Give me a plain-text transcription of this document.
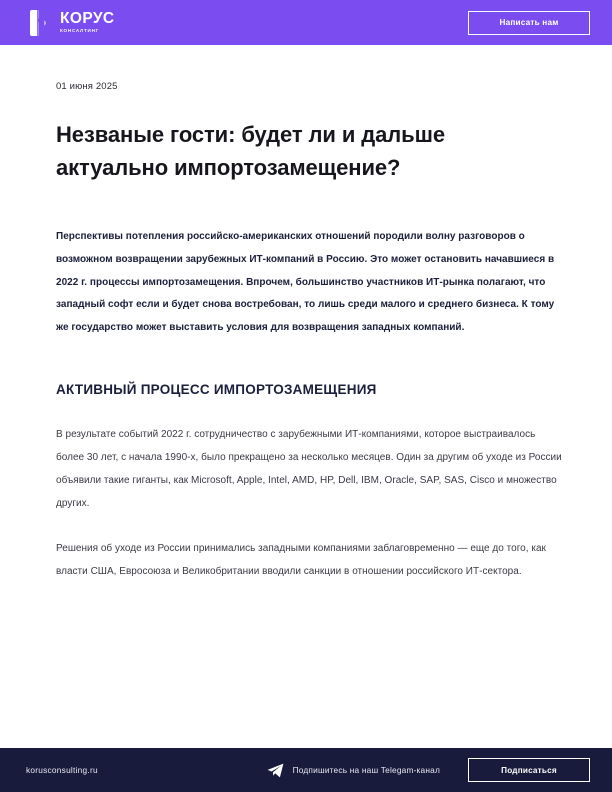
КОРУС
КОНСАЛТИНГ
Написать нам
01 июня 2025
Незваные гости: будет ли и дальше актуально импортозамещение?

Перспективы потепления российско-американских отношений породили волну разговоров о возможном возвращении зарубежных ИТ-компаний в Россию. Это может остановить начавшиеся в 2022 г. процессы импортозамещения. Впрочем, большинство участников ИТ-рынка полагают, что западный софт если и будет снова востребован, то лишь среди малого и среднего бизнеса. К тому же государство может выставить условия для возвращения западных компаний.

АКТИВНЫЙ ПРОЦЕСС ИМПОРТОЗАМЕЩЕНИЯ

В результате событий 2022 г. сотрудничество с зарубежными ИТ-компаниями, которое выстраивалось более 30 лет, с начала 1990-х, было прекращено за несколько месяцев. Один за другим об уходе из России объявили такие гиганты, как Microsoft, Apple, Intel, AMD, HP, Dell, IBM, Oracle, SAP, SAS, Cisco и множество других.

Решения об уходе из России принимались западными компаниями заблаговременно — еще до того, как власти США, Евросоюза и Великобритании вводили санкции в отношении российского ИТ-сектора.

korusconsulting.ru	Подпишитесь на наш Telegam-канал	Подписаться
